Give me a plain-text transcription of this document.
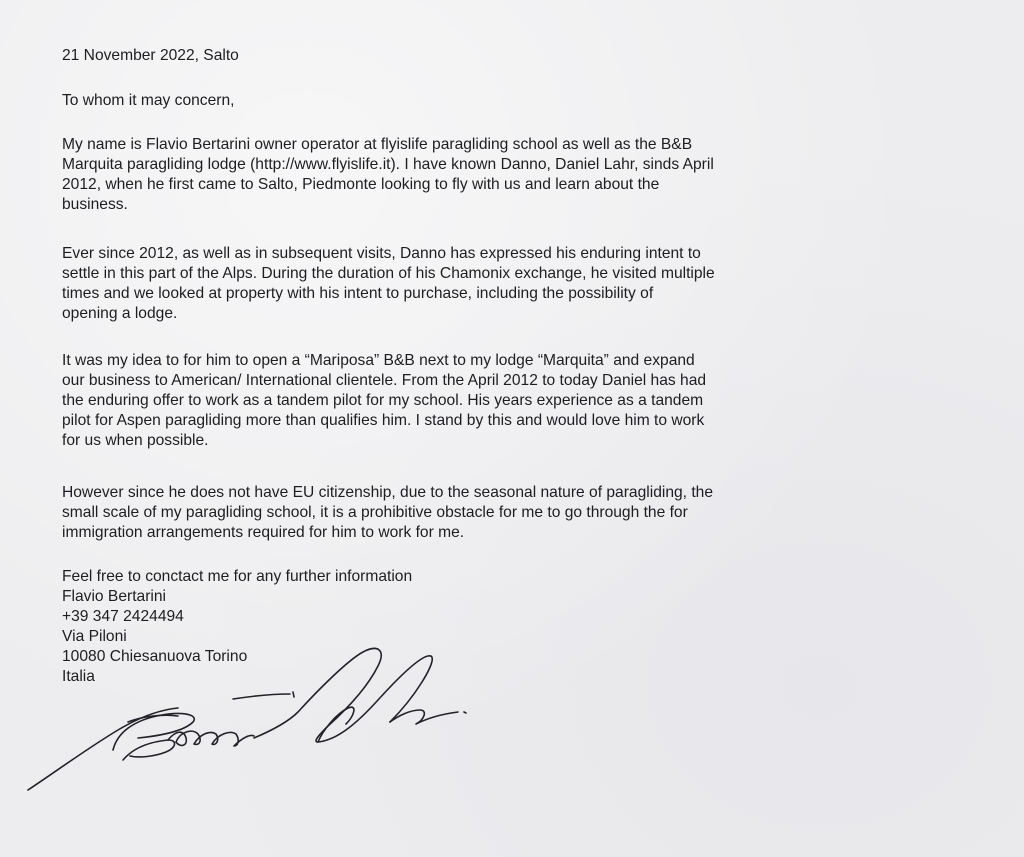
21 November 2022, Salto
To whom it may concern,
My name is Flavio Bertarini owner operator at flyislife paragliding school as well as the B&B
Marquita paragliding lodge (http://www.flyislife.it). I have known Danno, Daniel Lahr, sinds April
2012, when he first came to Salto, Piedmonte looking to fly with us and learn about the
business.
Ever since 2012, as well as in subsequent visits, Danno has expressed his enduring intent to
settle in this part of the Alps. During the duration of his Chamonix exchange, he visited multiple
times and we looked at property with his intent to purchase, including the possibility of
opening a lodge.
It was my idea to for him to open a “Mariposa” B&B next to my lodge “Marquita” and expand
our business to American/ International clientele. From the April 2012 to today Daniel has had
the enduring offer to work as a tandem pilot for my school. His years experience as a tandem
pilot for Aspen paragliding more than qualifies him. I stand by this and would love him to work
for us when possible.
However since he does not have EU citizenship, due to the seasonal nature of paragliding, the
small scale of my paragliding school, it is a prohibitive obstacle for me to go through the for
immigration arrangements required for him to work for me.
Feel free to conctact me for any further information
Flavio Bertarini
+39 347 2424494
Via Piloni
10080 Chiesanuova Torino
Italia
